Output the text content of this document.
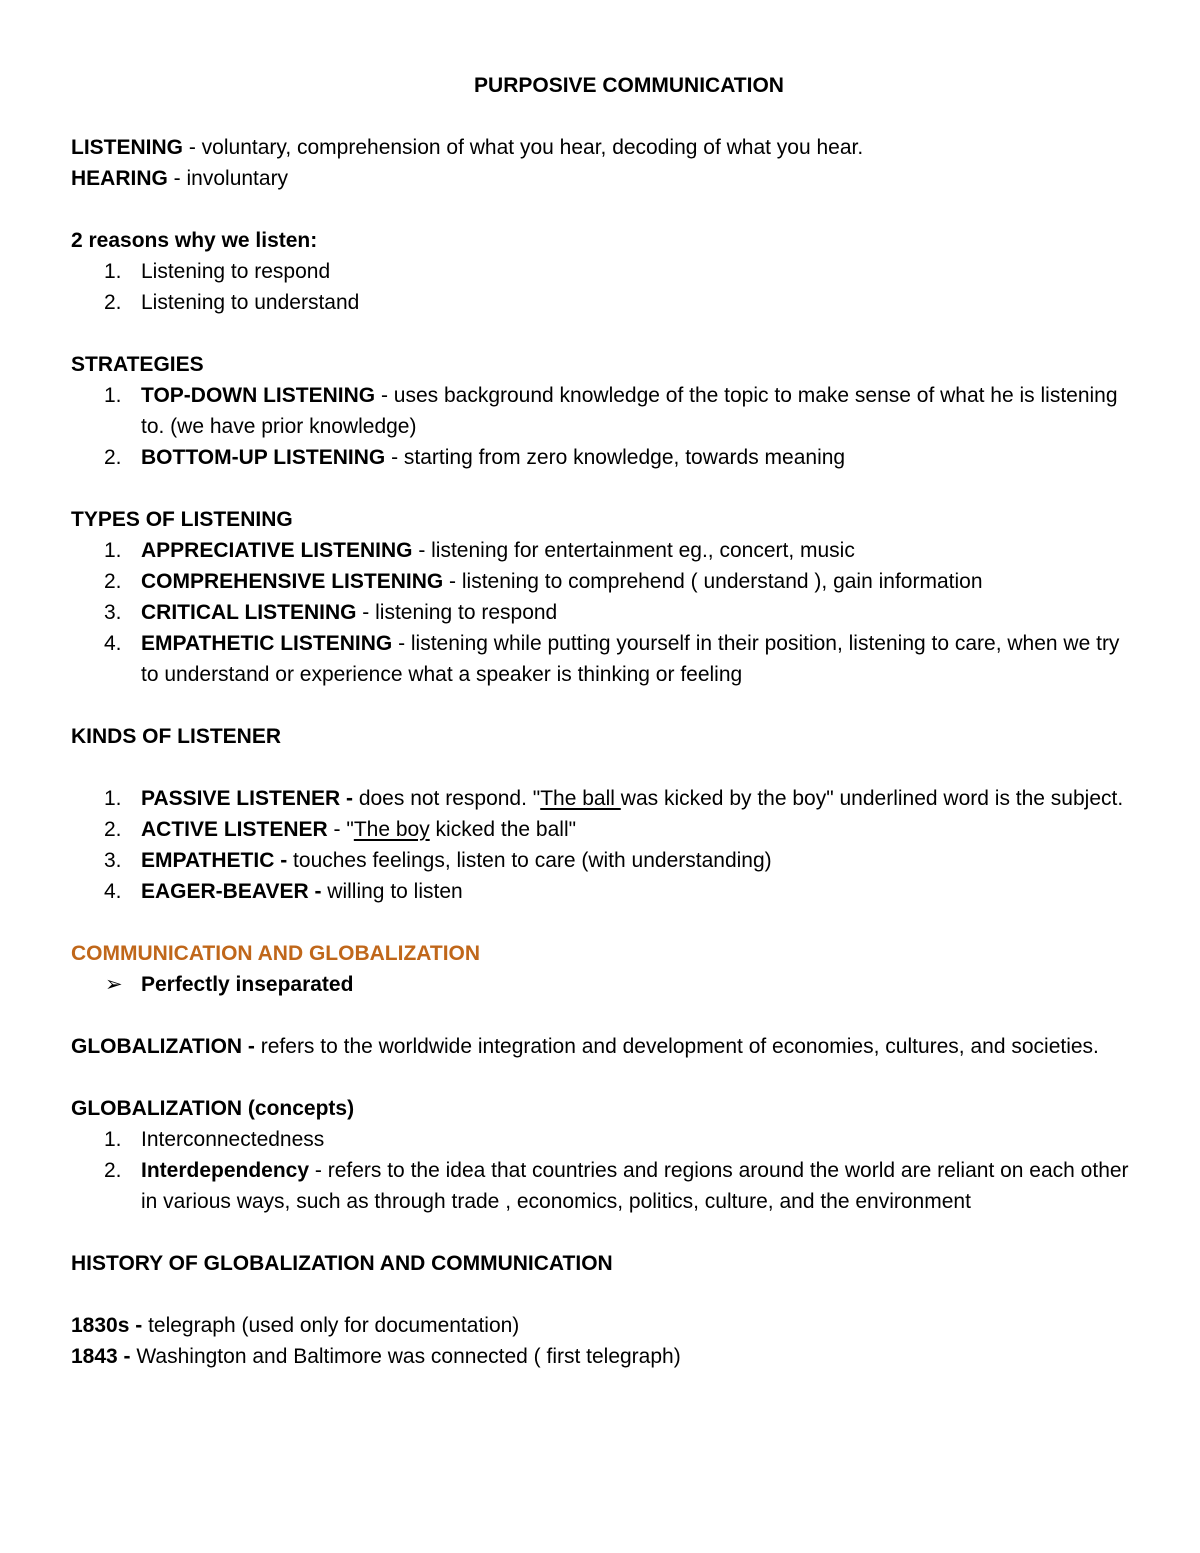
PURPOSIVE COMMUNICATION
LISTENING - voluntary, comprehension of what you hear, decoding of what you hear.
HEARING - involuntary
2 reasons why we listen:
1. Listening to respond
2. Listening to understand
STRATEGIES
1. TOP-DOWN LISTENING - uses background knowledge of the topic to make sense of what he is listening to. (we have prior knowledge)
2. BOTTOM-UP LISTENING - starting from zero knowledge, towards meaning
TYPES OF LISTENING
1. APPRECIATIVE LISTENING - listening for entertainment eg., concert, music
2. COMPREHENSIVE LISTENING - listening to comprehend ( understand ), gain information
3. CRITICAL LISTENING - listening to respond
4. EMPATHETIC LISTENING - listening while putting yourself in their position, listening to care, when we try to understand or experience what a speaker is thinking or feeling
KINDS OF LISTENER
1. PASSIVE LISTENER - does not respond. "The ball was kicked by the boy" underlined word is the subject.
2. ACTIVE LISTENER - "The boy kicked the ball"
3. EMPATHETIC - touches feelings, listen to care (with understanding)
4. EAGER-BEAVER - willing to listen
COMMUNICATION AND GLOBALIZATION
➢ Perfectly inseparated
GLOBALIZATION - refers to the worldwide integration and development of economies, cultures, and societies.
GLOBALIZATION (concepts)
1. Interconnectedness
2. Interdependency - refers to the idea that countries and regions around the world are reliant on each other in various ways, such as through trade , economics, politics, culture, and the environment
HISTORY OF GLOBALIZATION AND COMMUNICATION
1830s - telegraph (used only for documentation)
1843 - Washington and Baltimore was connected ( first telegraph)
